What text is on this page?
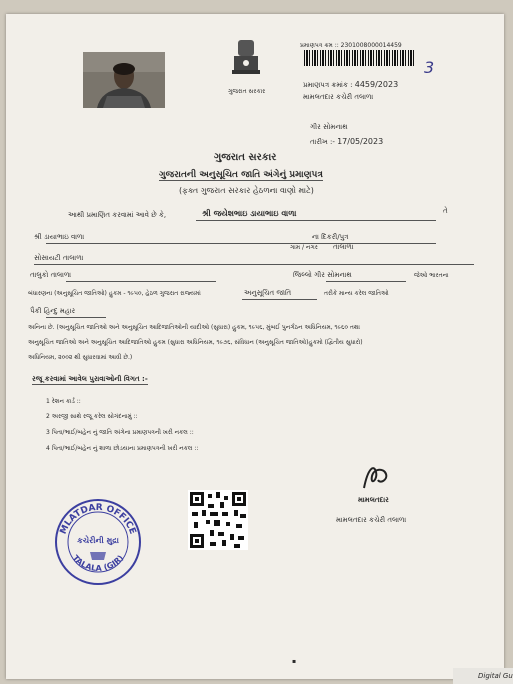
ગુજરાત સરકાર
પ્રમાણપત્ર ક્રમ :: 2301008000014459
3
પ્રમાણપત્ર ક્રમાંક : 4459/2023
મામલતદાર કચેરી તલાળા
ગીર સોમનાથ
તારીખ :- 17/05/2023
ગુજરાત સરકાર
ગુજરાતની અનુસૂચિત જાતિ અંગેનું પ્રમાણપત્ર
(ફક્ત ગુજરાત સરકાર હેઠળના વાણો માટે)
આથી પ્રમાણિત કરવામાં આવે છે કે,	શ્રી જયેશભાઇ ડાયાભાઇ વાળા	તે
શ્રી ડાયાભાઇ વાળા	ના દિકરી/પુત્ર
ગામ / નગર તાલાળા
સોસાયટી તાલાળા
તાલુકો તાલાળા	જિલ્લો ગીર સોમનાથ	જેઓ ભારતના
બંધારણના (અનુસૂચિત જાતિઓ) હુકમ - ૧૯૫૦, હેઠળ ગુજરાત રાજ્યમાં	અનુસૂચિત જાતિ	તરીકે માન્ય કરેલ જાતિઓ
પૈકી હિન્દુ મહાર
અનિના છે. (અનુસૂચિત જાતિઓ અને અનુસૂચિત આદિજાતિઓની યાદીઓ (સુધારા) હુકમ, ૧૯૫૬, મુંબઈ પુનર્ગઠન અધિનિયમ, ૧૯૬૦ તથા
અનુસૂચિત જાતિઓ અને અનુસૂચિત આદિજાતિઓ હુકમ (સુધારા અધિનિયમ, ૧૯૭૬, સંવિધાન (અનુસૂચિત જાતિઓ)હુકમો (દ્વિતીય સુધારો)
અધિનિયમ, ૨૦૦૨ થી સુધારવામાં આવી છે.)
રજૂ કરવામાં આવેલ પુરાવાઓની વિગત :-
1 રેશન કાર્ડ ::
2 અરજી સાથે રજૂ કરેલ સોગંદનામું ::
3 પિતા/ભાઈ/બહેન નું જાતિ અંગેના પ્રમાણપત્રની ખરી નકલ ::
4 પિતા/ભાઈ/બહેન નું શાળા છોડયાના પ્રમાણપત્રની ખરી નકલ ::
મામલતદાર
મામલતદાર કચેરી તલાળા
MLATDAR OFFICE
TALALA (GIR)
કચેરીની મુદ્રા
▪
Digital Gu
